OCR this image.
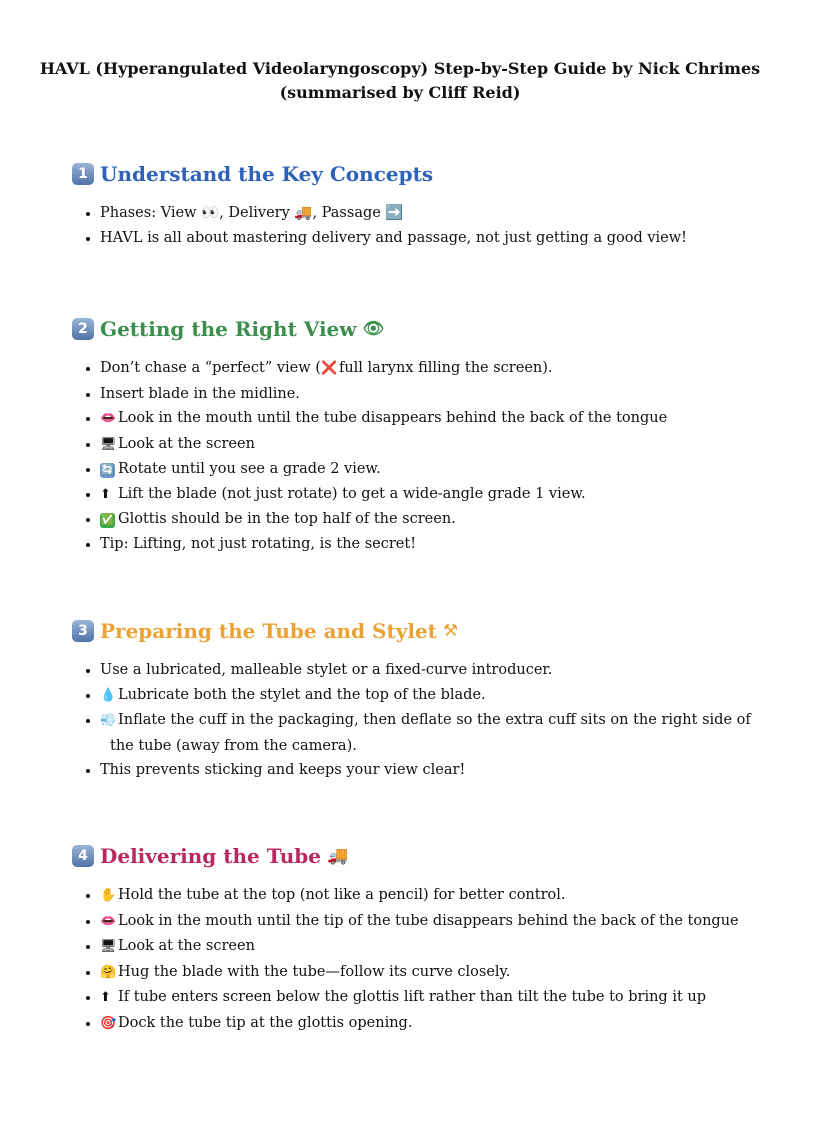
HAVL (Hyperangulated Videolaryngoscopy) Step-by-Step Guide by Nick Chrimes
(summarised by Cliff Reid)
1 Understand the Key Concepts
• Phases: View 👀, Delivery 🚚, Passage ➡️
• HAVL is all about mastering delivery and passage, not just getting a good view!
2 Getting the Right View 👁
• Don’t chase a “perfect” view (❌ full larynx filling the screen).
• Insert blade in the midline.
• 👄 Look in the mouth until the tube disappears behind the back of the tongue
• 🖥Look at the screen
• 🔄 Rotate until you see a grade 2 view.
• ⬆ Lift the blade (not just rotate) to get a wide-angle grade 1 view.
• ✅ Glottis should be in the top half of the screen.
• Tip: Lifting, not just rotating, is the secret!
3 Preparing the Tube and Stylet ⚒
• Use a lubricated, malleable stylet or a fixed-curve introducer.
• 💧 Lubricate both the stylet and the top of the blade.
• 💨 Inflate the cuff in the packaging, then deflate so the extra cuff sits on the right side of
the tube (away from the camera).
• This prevents sticking and keeps your view clear!
4 Delivering the Tube 🚚
• ✋ Hold the tube at the top (not like a pencil) for better control.
• 👄 Look in the mouth until the tip of the tube disappears behind the back of the tongue
• 🖥Look at the screen
• 🤗 Hug the blade with the tube—follow its curve closely.
• ⬆ If tube enters screen below the glottis lift rather than tilt the tube to bring it up
• 🎯 Dock the tube tip at the glottis opening.
